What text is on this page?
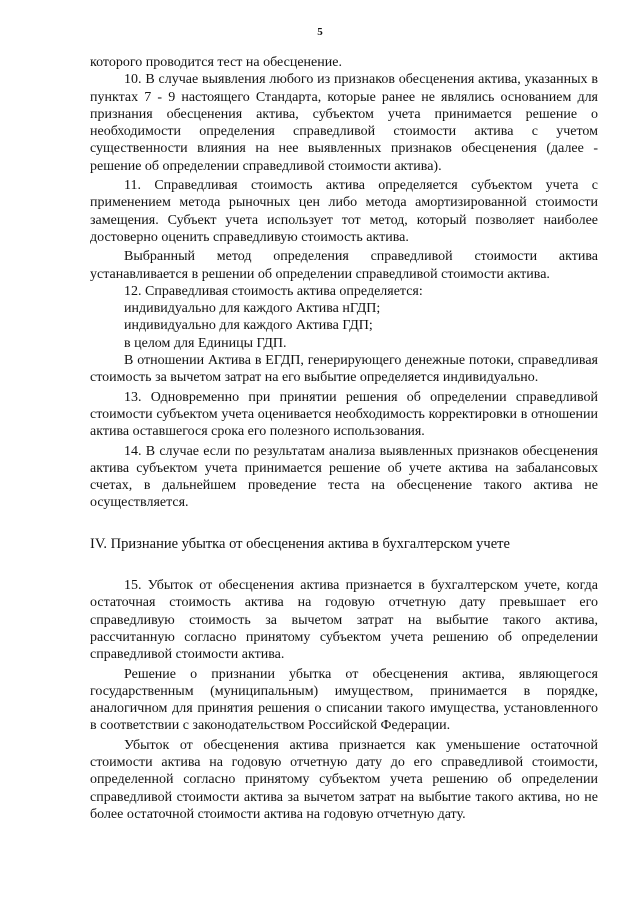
5

которого проводится тест на обесценение.

10. В случае выявления любого из признаков обесценения актива, указанных в пунктах 7 - 9 настоящего Стандарта, которые ранее не являлись основанием для признания обесценения актива, субъектом учета принимается решение о необходимости определения справедливой стоимости актива с учетом существенности влияния на нее выявленных признаков обесценения (далее - решение об определении справедливой стоимости актива).

11. Справедливая стоимость актива определяется субъектом учета с применением метода рыночных цен либо метода амортизированной стоимости замещения. Субъект учета использует тот метод, который позволяет наиболее достоверно оценить справедливую стоимость актива.

Выбранный метод определения справедливой стоимости актива устанавливается в решении об определении справедливой стоимости актива.

12. Справедливая стоимость актива определяется:

индивидуально для каждого Актива нГДП;

индивидуально для каждого Актива ГДП;

в целом для Единицы ГДП.

В отношении Актива в ЕГДП, генерирующего денежные потоки, справедливая стоимость за вычетом затрат на его выбытие определяется индивидуально.

13. Одновременно при принятии решения об определении справедливой стоимости субъектом учета оценивается необходимость корректировки в отношении актива оставшегося срока его полезного использования.

14. В случае если по результатам анализа выявленных признаков обесценения актива субъектом учета принимается решение об учете актива на забалансовых счетах, в дальнейшем проведение теста на обесценение такого актива не осуществляется.

IV. Признание убытка от обесценения актива в бухгалтерском учете

15. Убыток от обесценения актива признается в бухгалтерском учете, когда остаточная стоимость актива на годовую отчетную дату превышает его справедливую стоимость за вычетом затрат на выбытие такого актива, рассчитанную согласно принятому субъектом учета решению об определении справедливой стоимости актива.

Решение о признании убытка от обесценения актива, являющегося государственным (муниципальным) имуществом, принимается в порядке, аналогичном для принятия решения о списании такого имущества, установленного в соответствии с законодательством Российской Федерации.

Убыток от обесценения актива признается как уменьшение остаточной стоимости актива на годовую отчетную дату до его справедливой стоимости, определенной согласно принятому субъектом учета решению об определении справедливой стоимости актива за вычетом затрат на выбытие такого актива, но не более остаточной стоимости актива на годовую отчетную дату.
